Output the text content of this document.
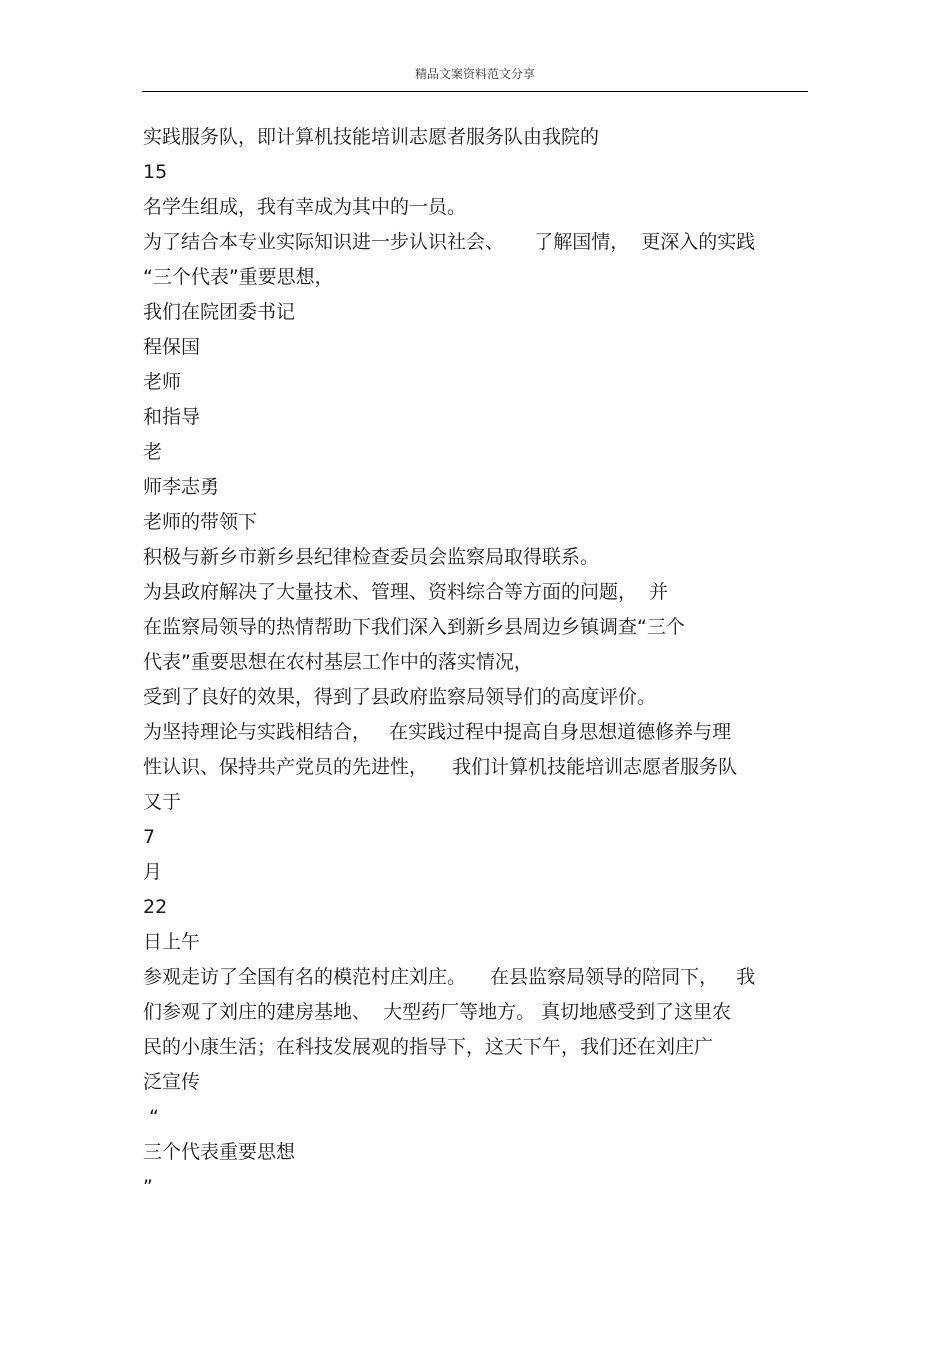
精品文案资料范文分享
实践服务队，即计算机技能培训志愿者服务队由我院的
15
名学生组成，我有幸成为其中的一员。
为了结合本专业实际知识进一步认识社会、     了解国情，  更深入的实践
“三个代表”重要思想，
我们在院团委书记
程保国
老师
和指导
老
师李志勇
老师的带领下
积极与新乡市新乡县纪律检查委员会监察局取得联系。
为县政府解决了大量技术、管理、资料综合等方面的问题，  并
在监察局领导的热情帮助下我们深入到新乡县周边乡镇调查“三个
代表”重要思想在农村基层工作中的落实情况，
受到了良好的效果，得到了县政府监察局领导们的高度评价。
为坚持理论与实践相结合，   在实践过程中提高自身思想道德修养与理
性认识、保持共产党员的先进性，    我们计算机技能培训志愿者服务队
又于
7
月
22
日上午
参观走访了全国有名的模范村庄刘庄。    在县监察局领导的陪同下，   我
们参观了刘庄的建房基地、  大型药厂等地方。 真切地感受到了这里农
民的小康生活；在科技发展观的指导下，这天下午，我们还在刘庄广
泛宣传
“
三个代表重要思想
”
